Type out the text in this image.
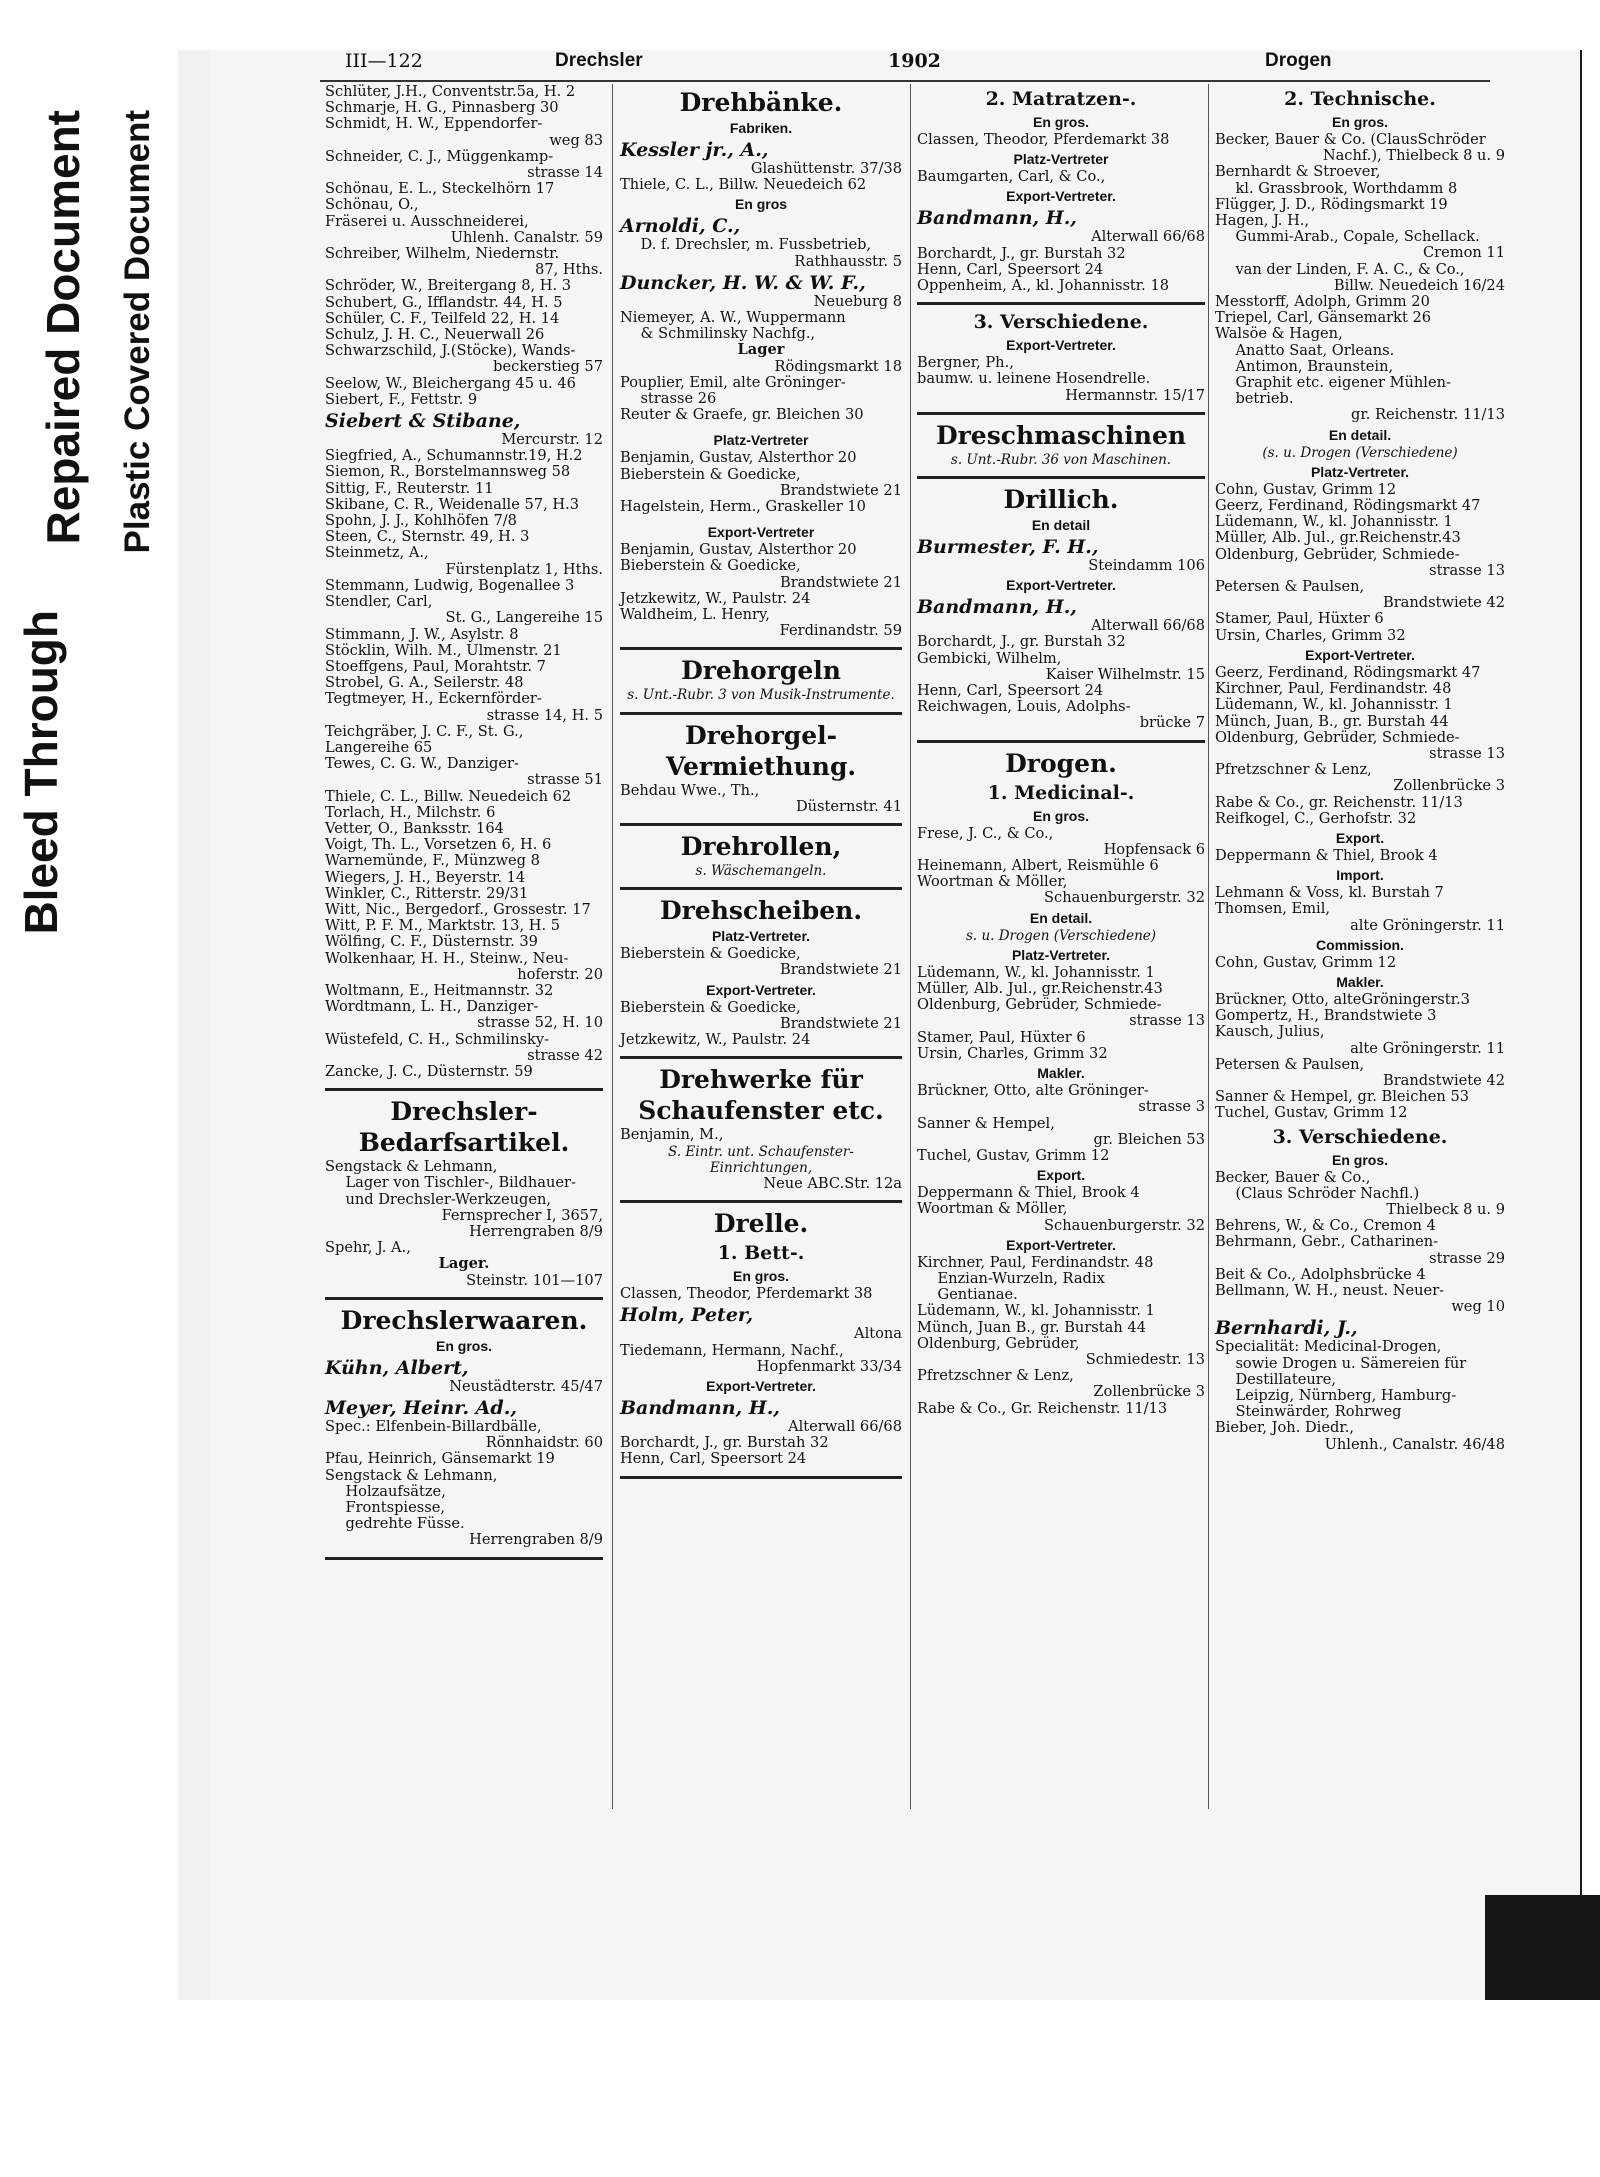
Bleed Through
Repaired Document Plastic Covered Document
III—122	Drechsler	1902	Drogen
Schlüter, J.H., Conventstr.5a, H. 2
Schmarje, H. G., Pinnasberg 30
Schmidt, H. W., Eppendorfer-
weg 83
Schneider, C. J., Müggenkamp-
strasse 14
Schönau, E. L., Steckelhörn 17
Schönau, O.,
Fräserei u. Ausschneiderei,
Uhlenh. Canalstr. 59
Schreiber, Wilhelm, Niedernstr.
87, Hths.
Schröder, W., Breitergang 8, H. 3
Schubert, G., Ifflandstr. 44, H. 5
Schüler, C. F., Teilfeld 22, H. 14
Schulz, J. H. C., Neuerwall 26
Schwarzschild, J.(Stöcke), Wands-
beckerstieg 57
Seelow, W., Bleichergang 45 u. 46
Siebert, F., Fettstr. 9
Siebert & Stibane,
Mercurstr. 12
Siegfried, A., Schumannstr.19, H.2
Siemon, R., Borstelmannsweg 58
Sittig, F., Reuterstr. 11
Skibane, C. R., Weidenalle 57, H.3
Spohn, J. J., Kohlhöfen 7/8
Steen, C., Sternstr. 49, H. 3
Steinmetz, A.,
Fürstenplatz 1, Hths.
Stemmann, Ludwig, Bogenallee 3
Stendler, Carl,
St. G., Langereihe 15
Stimmann, J. W., Asylstr. 8
Stöcklin, Wilh. M., Ulmenstr. 21
Stoeffgens, Paul, Morahtstr. 7
Strobel, G. A., Seilerstr. 48
Tegtmeyer, H., Eckernförder-
strasse 14, H. 5
Teichgräber, J. C. F., St. G.,
Langereihe 65
Tewes, C. G. W., Danziger-
strasse 51
Thiele, C. L., Billw. Neuedeich 62
Torlach, H., Milchstr. 6
Vetter, O., Banksstr. 164
Voigt, Th. L., Vorsetzen 6, H. 6
Warnemünde, F., Münzweg 8
Wiegers, J. H., Beyerstr. 14
Winkler, C., Ritterstr. 29/31
Witt, Nic., Bergedorf., Grossestr. 17
Witt, P. F. M., Marktstr. 13, H. 5
Wölfing, C. F., Düsternstr. 39
Wolkenhaar, H. H., Steinw., Neu-
hoferstr. 20
Woltmann, E., Heitmannstr. 32
Wordtmann, L. H., Danziger-
strasse 52, H. 10
Wüstefeld, C. H., Schmilinsky-
strasse 42
Zancke, J. C., Düsternstr. 59
Drechsler-
Bedarfsartikel.
Sengstack & Lehmann,
Lager von Tischler-, Bildhauer-
und Drechsler-Werkzeugen,
Fernsprecher I, 3657,
Herrengraben 8/9
Spehr, J. A.,
Lager.
Steinstr. 101—107
Drechslerwaaren.
En gros.
Kühn, Albert,
Neustädterstr. 45/47
Meyer, Heinr. Ad.,
Spec.: Elfenbein-Billardbälle,
Rönnhaidstr. 60
Pfau, Heinrich, Gänsemarkt 19
Sengstack & Lehmann,
Holzaufsätze,
Frontspiesse,
gedrehte Füsse.
Herrengraben 8/9
Drehbänke.
Fabriken.
Kessler jr., A.,
Glashüttenstr. 37/38
Thiele, C. L., Billw. Neuedeich 62
En gros
Arnoldi, C.,
D. f. Drechsler, m. Fussbetrieb,
Rathhausstr. 5
Duncker, H. W. & W. F.,
Neueburg 8
Niemeyer, A. W., Wuppermann
& Schmilinsky Nachfg.,
Lager
Rödingsmarkt 18
Pouplier, Emil, alte Gröninger-
strasse 26
Reuter & Graefe, gr. Bleichen 30
Platz-Vertreter
Benjamin, Gustav, Alsterthor 20
Bieberstein & Goedicke,
Brandstwiete 21
Hagelstein, Herm., Graskeller 10
Export-Vertreter
Benjamin, Gustav, Alsterthor 20
Bieberstein & Goedicke,
Brandstwiete 21
Jetzkewitz, W., Paulstr. 24
Waldheim, L. Henry,
Ferdinandstr. 59
Drehorgeln
s. Unt.-Rubr. 3 von Musik-Instrumente.
Drehorgel-
Vermiethung.
Behdau Wwe., Th.,
Düsternstr. 41
Drehrollen,
s. Wäschemangeln.
Drehscheiben.
Platz-Vertreter.
Bieberstein & Goedicke,
Brandstwiete 21
Export-Vertreter.
Bieberstein & Goedicke,
Brandstwiete 21
Jetzkewitz, W., Paulstr. 24
Drehwerke für
Schaufenster etc.
Benjamin, M.,
S. Eintr. unt. Schaufenster-Einrichtungen,
Neue ABC.Str. 12a
Drelle.
1. Bett-.
En gros.
Classen, Theodor, Pferdemarkt 38
Holm, Peter,
Altona
Tiedemann, Hermann, Nachf.,
Hopfenmarkt 33/34
Export-Vertreter.
Bandmann, H.,
Alterwall 66/68
Borchardt, J., gr. Burstah 32
Henn, Carl, Speersort 24
2. Matratzen-.
En gros.
Classen, Theodor, Pferdemarkt 38
Platz-Vertreter
Baumgarten, Carl, & Co.,
Export-Vertreter.
Bandmann, H.,
Alterwall 66/68
Borchardt, J., gr. Burstah 32
Henn, Carl, Speersort 24
Oppenheim, A., kl. Johannisstr. 18
3. Verschiedene.
Export-Vertreter.
Bergner, Ph.,
baumw. u. leinene Hosendrelle.
Hermannstr. 15/17
Dreschmaschinen
s. Unt.-Rubr. 36 von Maschinen.
Drillich.
En detail
Burmester, F. H.,
Steindamm 106
Export-Vertreter.
Bandmann, H.,
Alterwall 66/68
Borchardt, J., gr. Burstah 32
Gembicki, Wilhelm,
Kaiser Wilhelmstr. 15
Henn, Carl, Speersort 24
Reichwagen, Louis, Adolphs-
brücke 7
Drogen.
1. Medicinal-.
En gros.
Frese, J. C., & Co.,
Hopfensack 6
Heinemann, Albert, Reismühle 6
Woortman & Möller,
Schauenburgerstr. 32
En detail.
s. u. Drogen (Verschiedene)
Platz-Vertreter.
Lüdemann, W., kl. Johannisstr. 1
Müller, Alb. Jul., gr.Reichenstr.43
Oldenburg, Gebrüder, Schmiede-
strasse 13
Stamer, Paul, Hüxter 6
Ursin, Charles, Grimm 32
Makler.
Brückner, Otto, alte Gröninger-
strasse 3
Sanner & Hempel,
gr. Bleichen 53
Tuchel, Gustav, Grimm 12
Export.
Deppermann & Thiel, Brook 4
Woortman & Möller,
Schauenburgerstr. 32
Export-Vertreter.
Kirchner, Paul, Ferdinandstr. 48
Enzian-Wurzeln, Radix
Gentianae.
Lüdemann, W., kl. Johannisstr. 1
Münch, Juan B., gr. Burstah 44
Oldenburg, Gebrüder,
Schmiedestr. 13
Pfretzschner & Lenz,
Zollenbrücke 3
Rabe & Co., Gr. Reichenstr. 11/13
2. Technische.
En gros.
Becker, Bauer & Co. (ClausSchröder
Nachf.), Thielbeck 8 u. 9
Bernhardt & Stroever,
kl. Grassbrook, Worthdamm 8
Flügger, J. D., Rödingsmarkt 19
Hagen, J. H.,
Gummi-Arab., Copale, Schellack.
Cremon 11
van der Linden, F. A. C., & Co.,
Billw. Neuedeich 16/24
Messtorff, Adolph, Grimm 20
Triepel, Carl, Gänsemarkt 26
Walsöe & Hagen,
Anatto Saat, Orleans.
Antimon, Braunstein,
Graphit etc. eigener Mühlen-
betrieb.
gr. Reichenstr. 11/13
En detail.
(s. u. Drogen (Verschiedene)
Platz-Vertreter.
Cohn, Gustav, Grimm 12
Geerz, Ferdinand, Rödingsmarkt 47
Lüdemann, W., kl. Johannisstr. 1
Müller, Alb. Jul., gr.Reichenstr.43
Oldenburg, Gebrüder, Schmiede-
strasse 13
Petersen & Paulsen,
Brandstwiete 42
Stamer, Paul, Hüxter 6
Ursin, Charles, Grimm 32
Export-Vertreter.
Geerz, Ferdinand, Rödingsmarkt 47
Kirchner, Paul, Ferdinandstr. 48
Lüdemann, W., kl. Johannisstr. 1
Münch, Juan, B., gr. Burstah 44
Oldenburg, Gebrüder, Schmiede-
strasse 13
Pfretzschner & Lenz,
Zollenbrücke 3
Rabe & Co., gr. Reichenstr. 11/13
Reifkogel, C., Gerhofstr. 32
Export.
Deppermann & Thiel, Brook 4
Import.
Lehmann & Voss, kl. Burstah 7
Thomsen, Emil,
alte Gröningerstr. 11
Commission.
Cohn, Gustav, Grimm 12
Makler.
Brückner, Otto, alteGröningerstr.3
Gompertz, H., Brandstwiete 3
Kausch, Julius,
alte Gröningerstr. 11
Petersen & Paulsen,
Brandstwiete 42
Sanner & Hempel, gr. Bleichen 53
Tuchel, Gustav, Grimm 12
3. Verschiedene.
En gros.
Becker, Bauer & Co.,
(Claus Schröder Nachfl.)
Thielbeck 8 u. 9
Behrens, W., & Co., Cremon 4
Behrmann, Gebr., Catharinen-
strasse 29
Beit & Co., Adolphsbrücke 4
Bellmann, W. H., neust. Neuer-
weg 10
Bernhardi, J.,
Specialität: Medicinal-Drogen,
sowie Drogen u. Sämereien für
Destillateure,
Leipzig, Nürnberg, Hamburg-
Steinwärder, Rohrweg
Bieber, Joh. Diedr.,
Uhlenh., Canalstr. 46/48
